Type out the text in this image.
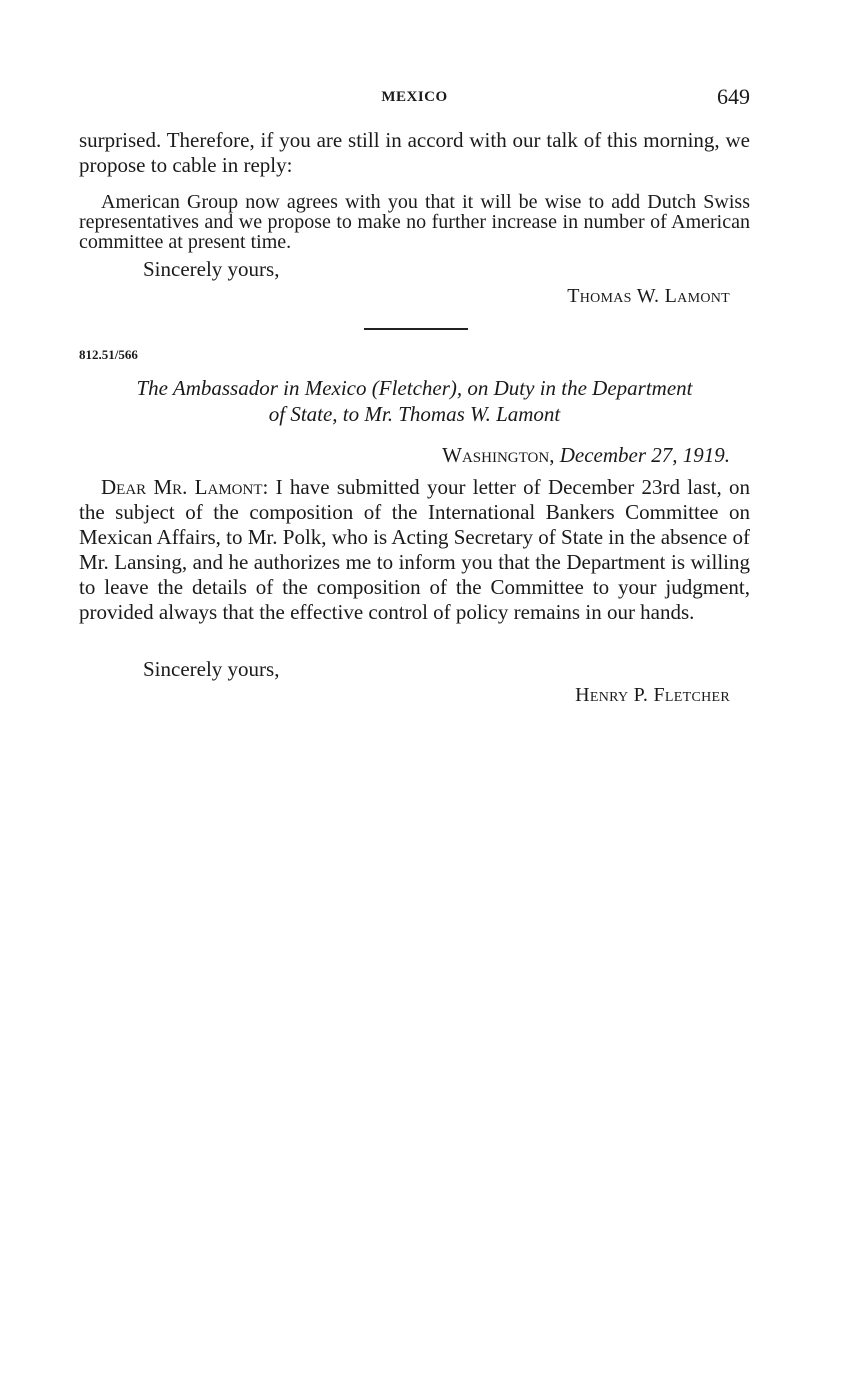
MEXICO	649
surprised. Therefore, if you are still in accord with our talk of this morning, we propose to cable in reply:
American Group now agrees with you that it will be wise to add Dutch Swiss representatives and we propose to make no further increase in number of American committee at present time.
Sincerely yours,
Thomas W. Lamont
812.51/566
The Ambassador in Mexico (Fletcher), on Duty in the Department
of State, to Mr. Thomas W. Lamont
Washington, December 27, 1919.
Dear Mr. Lamont: I have submitted your letter of December 23rd last, on the subject of the composition of the International Bankers Committee on Mexican Affairs, to Mr. Polk, who is Acting Secretary of State in the absence of Mr. Lansing, and he authorizes me to inform you that the Department is willing to leave the details of the composition of the Committee to your judgment, provided always that the effective control of policy remains in our hands.
Sincerely yours,
Henry P. Fletcher
